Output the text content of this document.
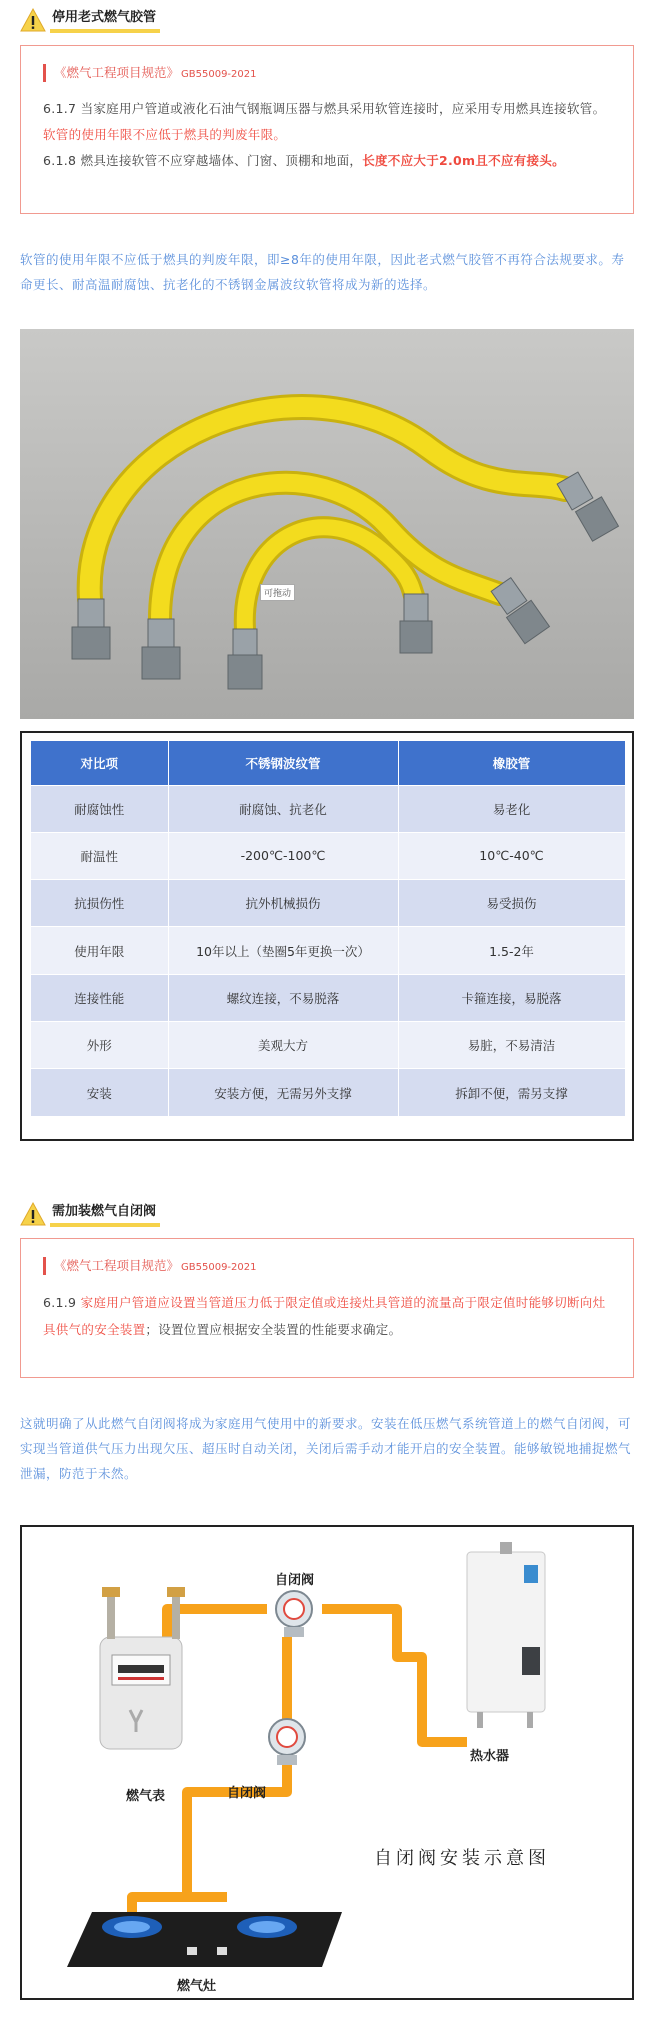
停用老式燃气胶管
《燃气工程项目规范》 GB55009-2021

6.1.7 当家庭用户管道或液化石油气钢瓶调压器与燃具采用软管连接时，应采用专用燃具连接软管。软管的使用年限不应低于燃具的判废年限。

6.1.8 燃具连接软管不应穿越墙体、门窗、顶棚和地面，长度不应大于2.0m且不应有接头。

软管的使用年限不应低于燃具的判废年限，即≥8年的使用年限，因此老式燃气胶管不再符合法规要求。寿命更长、耐高温耐腐蚀、抗老化的不锈钢金属波纹软管将成为新的选择。

可拖动
对比项	不锈钢波纹管	橡胶管
耐腐蚀性	耐腐蚀、抗老化	易老化
耐温性	-200℃-100℃	10℃-40℃
抗损伤性	抗外机械损伤	易受损伤
使用年限	10年以上（垫圈5年更换一次）	1.5-2年
连接性能	螺纹连接，不易脱落	卡箍连接，易脱落
外形	美观大方	易脏，不易清洁
安装	安装方便，无需另外支撑	拆卸不便，需另支撑
需加装燃气自闭阀
《燃气工程项目规范》 GB55009-2021

6.1.9 家庭用户管道应设置当管道压力低于限定值或连接灶具管道的流量高于限定值时能够切断向灶具供气的安全装置；设置位置应根据安全装置的性能要求确定。

这就明确了从此燃气自闭阀将成为家庭用气使用中的新要求。安装在低压燃气系统管道上的燃气自闭阀，可实现当管道供气压力出现欠压、超压时自动关闭，关闭后需手动才能开启的安全装置。能够敏锐地捕捉燃气泄漏，防范于未然。

自闭阀
自闭阀
燃气表
热水器
燃气灶
自闭阀安装示意图
